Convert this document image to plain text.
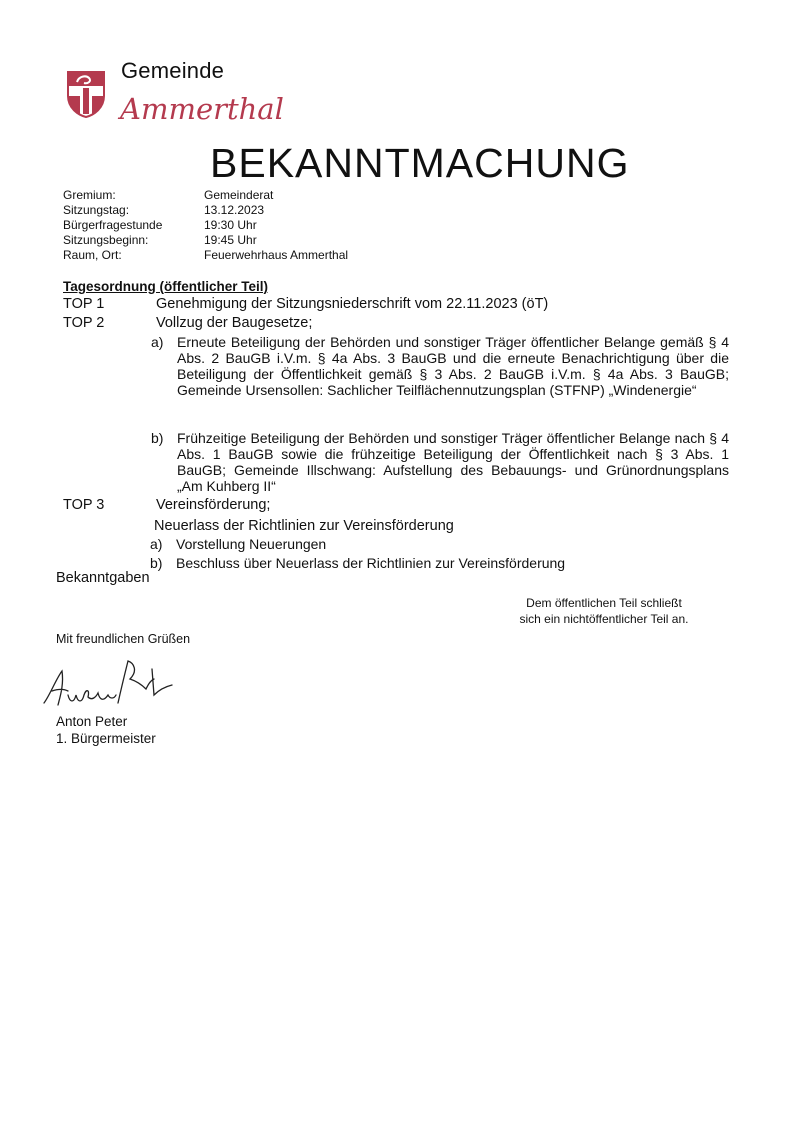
Gemeinde
Ammerthal
BEKANNTMACHUNG
Gremium:	Gemeinderat
Sitzungstag:	13.12.2023
Bürgerfragestunde	19:30 Uhr
Sitzungsbeginn:	19:45 Uhr
Raum, Ort:	Feuerwehrhaus Ammerthal
Tagesordnung (öffentlicher Teil)
TOP 1	Genehmigung der Sitzungsniederschrift vom 22.11.2023 (öT)
TOP 2	Vollzug der Baugesetze;
a) Erneute Beteiligung der Behörden und sonstiger Träger öffentlicher Belange gemäß § 4 Abs. 2 BauGB i.V.m. § 4a Abs. 3 BauGB und die erneute Benachrichtigung über die Beteiligung der Öffentlichkeit gemäß § 3 Abs. 2 BauGB i.V.m. § 4a Abs. 3 BauGB; Gemeinde Ursensollen: Sachlicher Teilflächennutzungsplan (STFNP) „Windenergie“
b) Frühzeitige Beteiligung der Behörden und sonstiger Träger öffentlicher Belange nach § 4 Abs. 1 BauGB sowie die frühzeitige Beteiligung der Öffentlichkeit nach § 3 Abs. 1 BauGB; Gemeinde Illschwang: Aufstellung des Bebauungs- und Grünordnungsplans „Am Kuhberg II“
TOP 3	Vereinsförderung;
Neuerlass der Richtlinien zur Vereinsförderung
a) Vorstellung Neuerungen
b) Beschluss über Neuerlass der Richtlinien zur Vereinsförderung
Bekanntgaben
Dem öffentlichen Teil schließt
sich ein nichtöffentlicher Teil an.
Mit freundlichen Grüßen
Anton Peter
1. Bürgermeister
